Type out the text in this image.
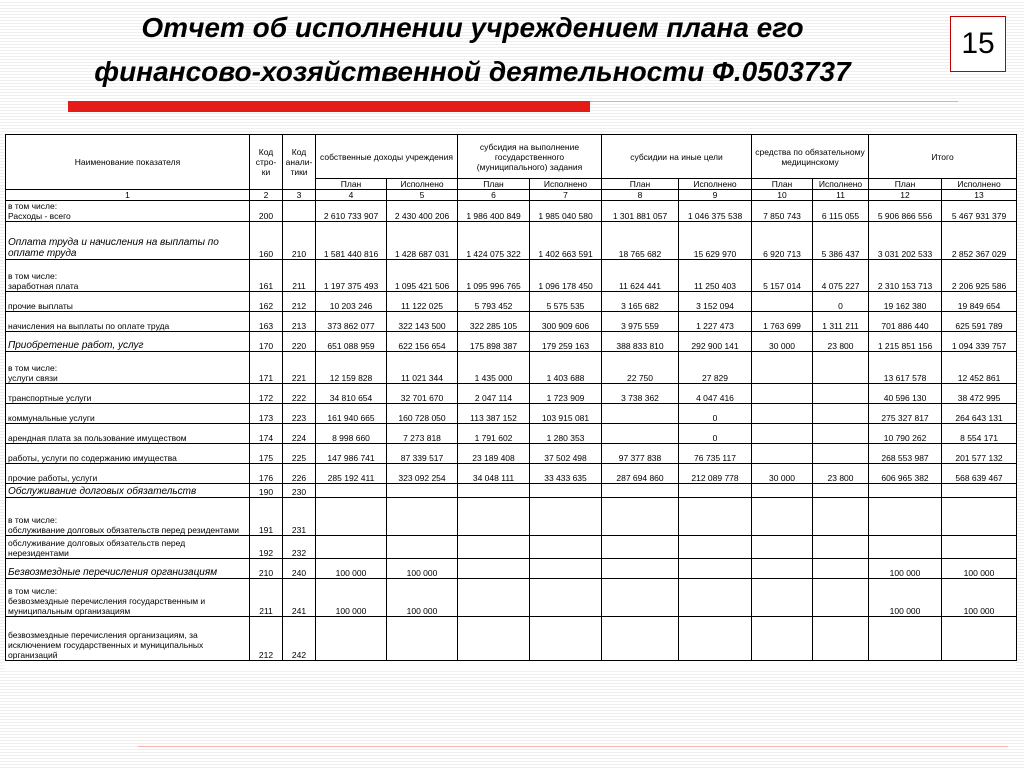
Отчет об исполнении учреждением плана его
финансово-хозяйственной деятельности Ф.0503737
15
Наименование показателя	Код стро-ки	Код анали-тики	собственные доходы учреждения		субсидия на выполнение государственного (муниципального) задания		субсидии на иные цели		средства по обязательному медицинскому		Итого	
			План	Исполнено	План	Исполнено	План	Исполнено	План	Исполнено	План	Исполнено
1	2	3	4	5	6	7	8	9	10	11	12	13

в том числе:
Расходы - всего	200		2 610 733 907	2 430 400 206	1 986 400 849	1 985 040 580	1 301 881 057	1 046 375 538	7 850 743	6 115 055	5 906 866 556	5 467 931 379

Оплата труда и начисления на выплаты по оплате труда	160	210	1 581 440 816	1 428 687 031	1 424 075 322	1 402 663 591	18 765 682	15 629 970	6 920 713	5 386 437	3 031 202 533	2 852 367 029

в том числе:
заработная плата	161	211	1 197 375 493	1 095 421 506	1 095 996 765	1 096 178 450	11 624 441	11 250 403	5 157 014	4 075 227	2 310 153 713	2 206 925 586

прочие выплаты	162	212	10 203 246	11 122 025	5 793 452	5 575 535	3 165 682	3 152 094		0	19 162 380	19 849 654

начисления на выплаты по оплате труда	163	213	373 862 077	322 143 500	322 285 105	300 909 606	3 975 559	1 227 473	1 763 699	1 311 211	701 886 440	625 591 789

Приобретение работ, услуг	170	220	651 088 959	622 156 654	175 898 387	179 259 163	388 833 810	292 900 141	30 000	23 800	1 215 851 156	1 094 339 757

в том числе:
услуги связи	171	221	12 159 828	11 021 344	1 435 000	1 403 688	22 750	27 829			13 617 578	12 452 861

транспортные услуги	172	222	34 810 654	32 701 670	2 047 114	1 723 909	3 738 362	4 047 416			40 596 130	38 472 995

коммунальные услуги	173	223	161 940 665	160 728 050	113 387 152	103 915 081		0			275 327 817	264 643 131

арендная плата за пользование имуществом	174	224	8 998 660	7 273 818	1 791 602	1 280 353		0			10 790 262	8 554 171

работы, услуги по содержанию имущества	175	225	147 986 741	87 339 517	23 189 408	37 502 498	97 377 838	76 735 117			268 553 987	201 577 132

прочие работы, услуги	176	226	285 192 411	323 092 254	34 048 111	33 433 635	287 694 860	212 089 778	30 000	23 800	606 965 382	568 639 467

Обслуживание долговых обязательств	190	230										

в том числе:
обслуживание долговых обязательств перед резидентами	191	231										

обслуживание долговых обязательств перед нерезидентами	192	232										

Безвозмездные перечисления организациям	210	240	100 000	100 000							100 000	100 000

в том числе:
безвозмездные перечисления государственным и муниципальным организациям	211	241	100 000	100 000							100 000	100 000

безвозмездные перечисления организациям, за исключением государственных и муниципальных организаций	212	242										
